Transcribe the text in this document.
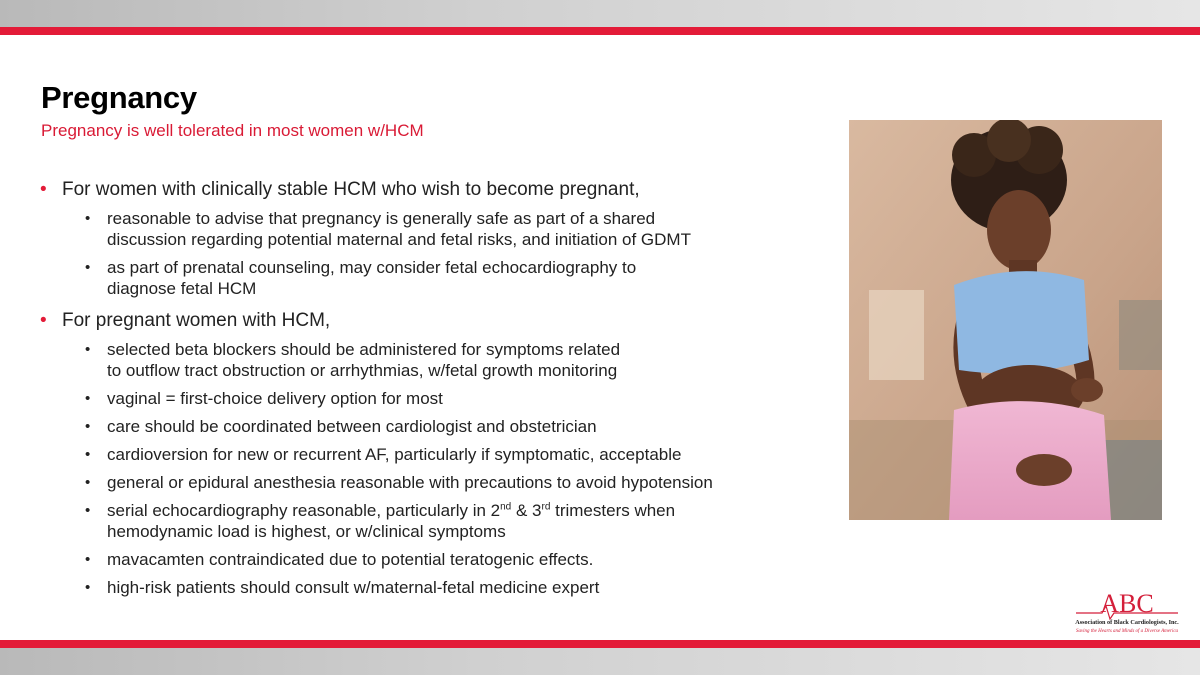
Pregnancy
Pregnancy is well tolerated in most women w/HCM
• For women with clinically stable HCM who wish to become pregnant,
• reasonable to advise that pregnancy is generally safe as part of a shared
discussion regarding potential maternal and fetal risks, and initiation of GDMT
• as part of prenatal counseling, may consider fetal echocardiography to
diagnose fetal HCM
• For pregnant women with HCM,
• selected beta blockers should be administered for symptoms related
to outflow tract obstruction or arrhythmias, w/fetal growth monitoring
• vaginal = first-choice delivery option for most
• care should be coordinated between cardiologist and obstetrician
• cardioversion for new or recurrent AF, particularly if symptomatic, acceptable
• general or epidural anesthesia reasonable with precautions to avoid hypotension
• serial echocardiography reasonable, particularly in 2nd & 3rd trimesters when
hemodynamic load is highest, or w/clinical symptoms
• mavacamten contraindicated due to potential teratogenic effects.
• high-risk patients should consult w/maternal-fetal medicine expert
ABC
Association of Black Cardiologists, Inc.
Saving the Hearts and Minds of a Diverse America
